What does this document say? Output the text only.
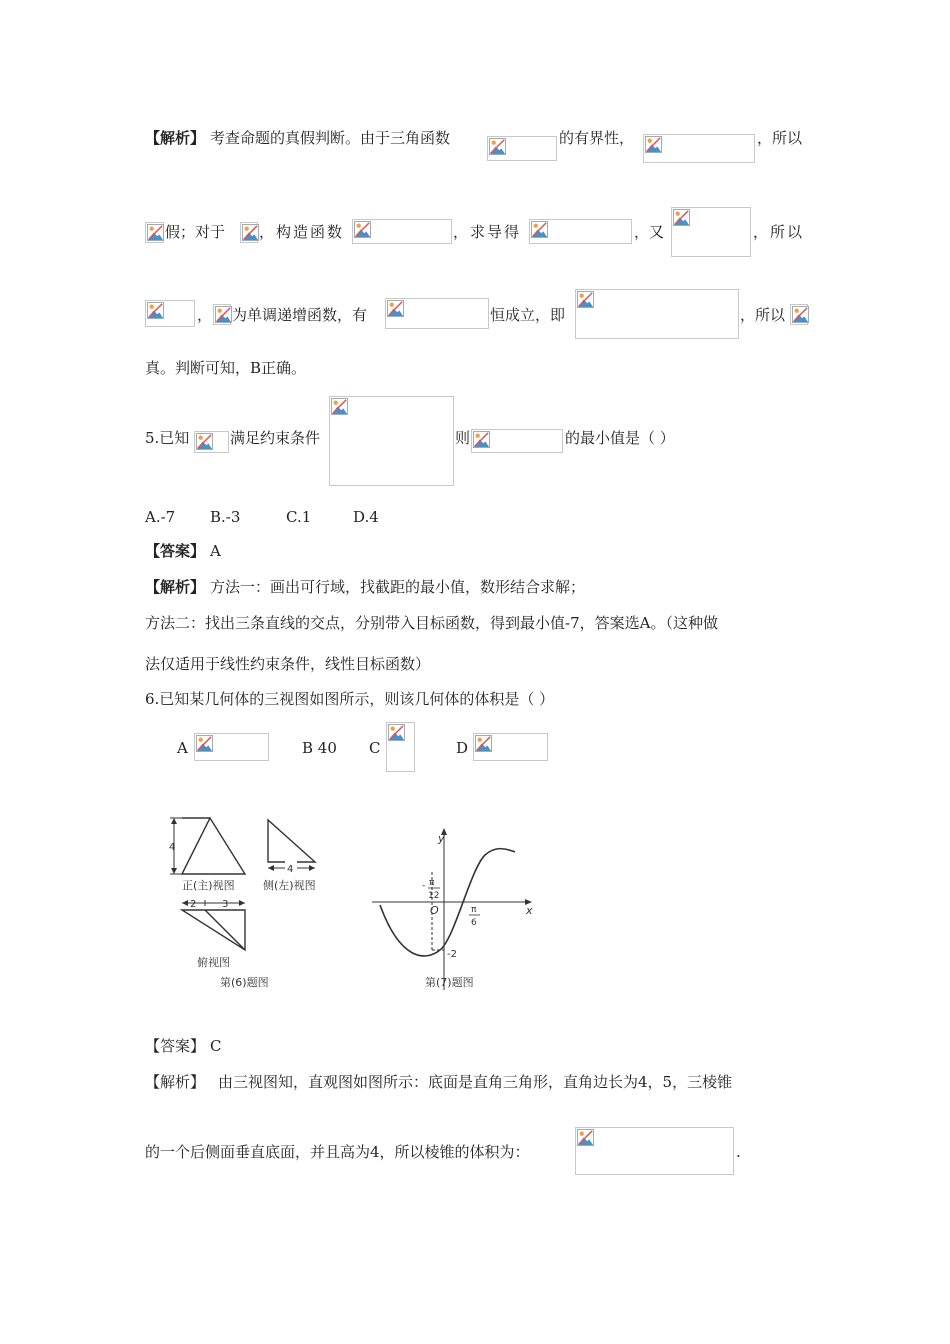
【解析】 考查命题的真假判断。由于三角函数	的有界性，	，所以
假；对于 ，构造函数	，求导得	，又	，所以
， 为单调递增函数，有	恒成立，即	，所以
真。判断可知，B正确。
5.已知	满足约束条件	则	的最小值是（ ）
A.-7 B.-3	C.1	D.4
【答案】 A
【解析】 方法一：画出可行域，找截距的最小值，数形结合求解；
方法二：找出三条直线的交点，分别带入目标函数，得到最小值-7，答案选A。（这种做
法仅适用于线性约束条件，线性目标函数）
6.已知某几何体的三视图如图所示，则该几何体的体积是（ ）
A	B 40 C	D
4
正(主)视图
4
侧(左)视图
2	3
俯视图
第(6)题图
y
x
O
- π
12
π
6
-2
第(7)题图
【答案】 C
【解析】 由三视图知，直观图如图所示：底面是直角三角形，直角边长为4，5，三棱锥
的一个后侧面垂直底面，并且高为4，所以棱锥的体积为：	.
